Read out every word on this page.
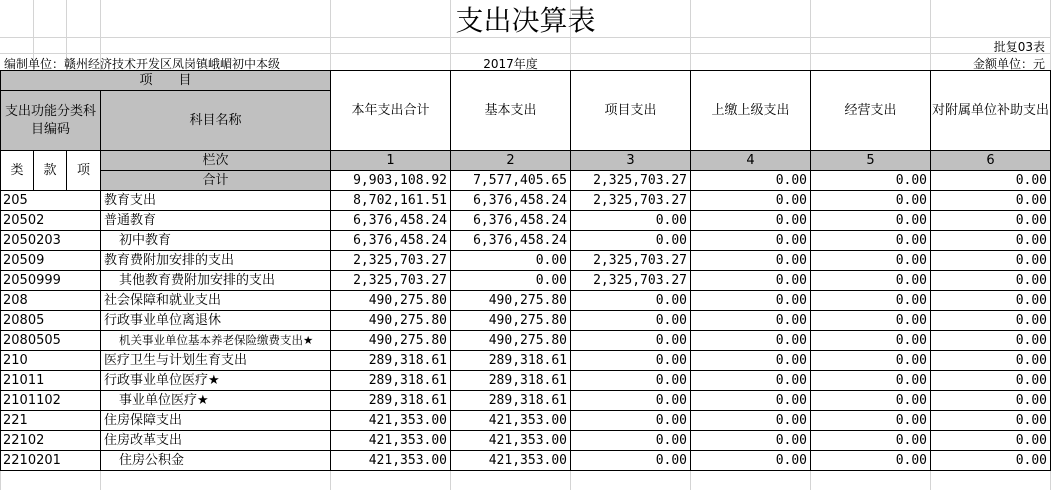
支出决算表
批复03表
编制单位：赣州经济技术开发区凤岗镇峨嵋初中本级	2017年度	金额单位：元
项　　目				本年支出合计	基本支出	项目支出	上缴上级支出	经营支出	对附属单位补助支出
支出功能分类科目编码			科目名称						

类	款	项	栏次	1	2	3	4	5	6
			合计	9,903,108.92	7,577,405.65	2,325,703.27	0.00	0.00	0.00
205			教育支出	8,702,161.51	6,376,458.24	2,325,703.27	0.00	0.00	0.00
20502			普通教育	6,376,458.24	6,376,458.24	0.00	0.00	0.00	0.00
2050203			初中教育	6,376,458.24	6,376,458.24	0.00	0.00	0.00	0.00
20509			教育费附加安排的支出	2,325,703.27	0.00	2,325,703.27	0.00	0.00	0.00
2050999			其他教育费附加安排的支出	2,325,703.27	0.00	2,325,703.27	0.00	0.00	0.00
208			社会保障和就业支出	490,275.80	490,275.80	0.00	0.00	0.00	0.00
20805			行政事业单位离退休	490,275.80	490,275.80	0.00	0.00	0.00	0.00
2080505			机关事业单位基本养老保险缴费支出★	490,275.80	490,275.80	0.00	0.00	0.00	0.00
210			医疗卫生与计划生育支出	289,318.61	289,318.61	0.00	0.00	0.00	0.00
21011			行政事业单位医疗★	289,318.61	289,318.61	0.00	0.00	0.00	0.00
2101102			事业单位医疗★	289,318.61	289,318.61	0.00	0.00	0.00	0.00
221			住房保障支出	421,353.00	421,353.00	0.00	0.00	0.00	0.00
22102			住房改革支出	421,353.00	421,353.00	0.00	0.00	0.00	0.00
2210201			住房公积金	421,353.00	421,353.00	0.00	0.00	0.00	0.00
